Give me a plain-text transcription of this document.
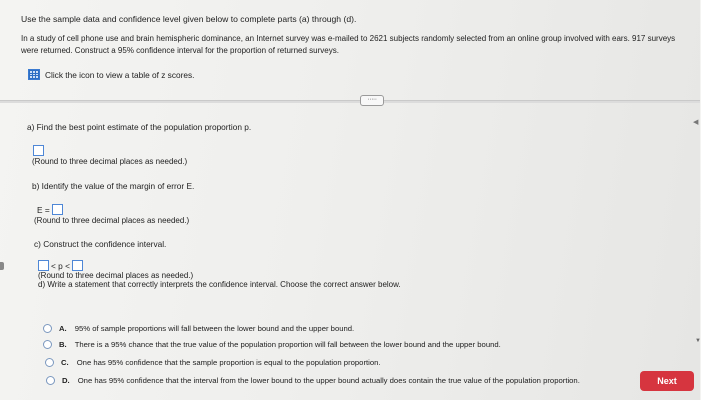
Use the sample data and confidence level given below to complete parts (a) through (d).
In a study of cell phone use and brain hemispheric dominance, an Internet survey was e-mailed to 2621 subjects randomly selected from an online group involved with ears. 917 surveys were returned. Construct a 95% confidence interval for the proportion of returned surveys.
Click the icon to view a table of z scores.
·····
◀
a) Find the best point estimate of the population proportion p.
(Round to three decimal places as needed.)
b) Identify the value of the margin of error E.
E =
(Round to three decimal places as needed.)
c) Construct the confidence interval.
< p <
(Round to three decimal places as needed.)
d) Write a statement that correctly interprets the confidence interval. Choose the correct answer below.
A. 95% of sample proportions will fall between the lower bound and the upper bound.
B. There is a 95% chance that the true value of the population proportion will fall between the lower bound and the upper bound.
C. One has 95% confidence that the sample proportion is equal to the population proportion.
D. One has 95% confidence that the interval from the lower bound to the upper bound actually does contain the true value of the population proportion.
▼
Next
